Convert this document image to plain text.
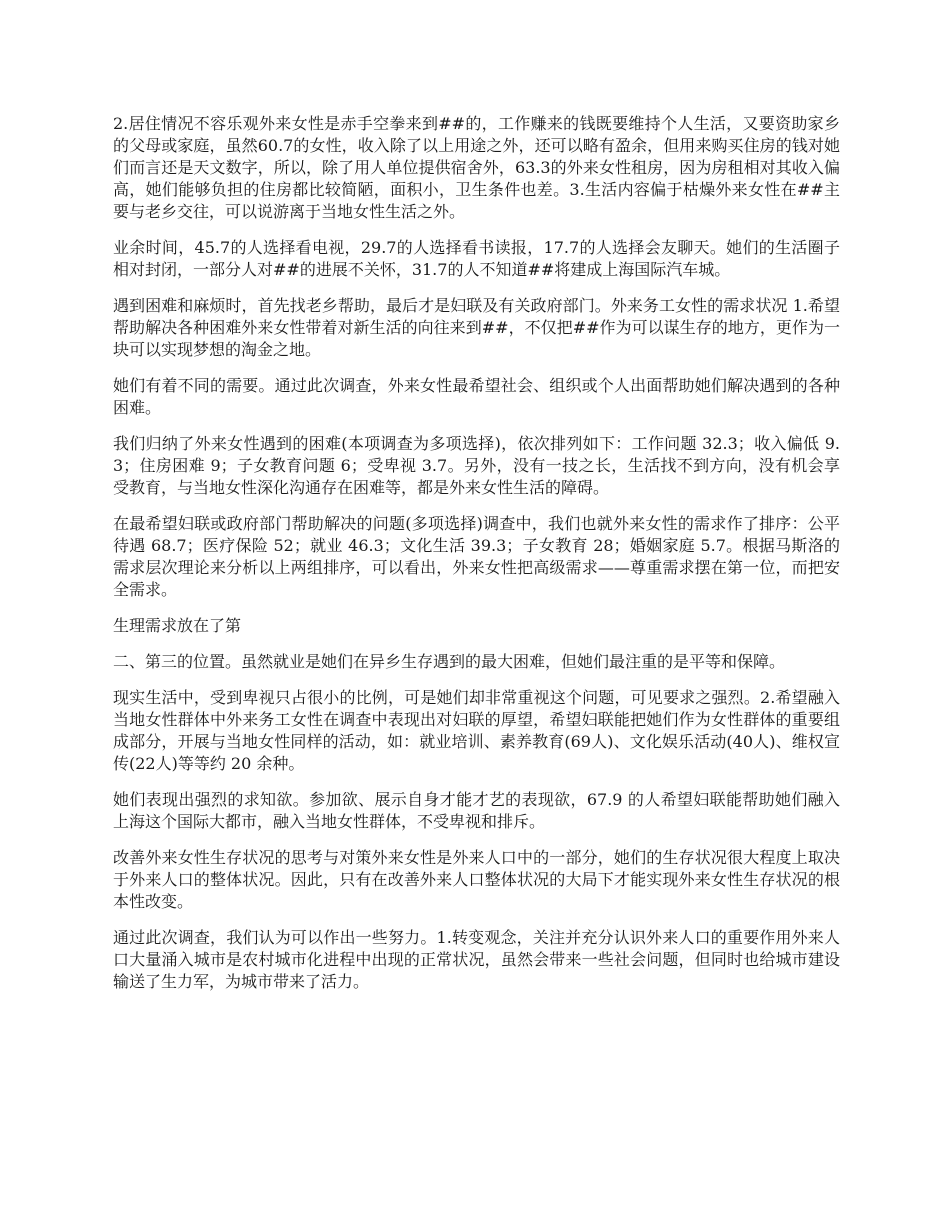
2.居住情况不容乐观外来女性是赤手空拳来到##的，工作赚来的钱既要维持个人生活，又要资助家乡的父母或家庭，虽然60.7的女性，收入除了以上用途之外，还可以略有盈余，但用来购买住房的钱对她们而言还是天文数字，所以，除了用人单位提供宿舍外，63.3的外来女性租房，因为房租相对其收入偏高，她们能够负担的住房都比较简陋，面积小，卫生条件也差。3.生活内容偏于枯燥外来女性在##主要与老乡交往，可以说游离于当地女性生活之外。

业余时间，45.7的人选择看电视，29.7的人选择看书读报，17.7的人选择会友聊天。她们的生活圈子相对封闭，一部分人对##的进展不关怀，31.7的人不知道##将建成上海国际汽车城。

遇到困难和麻烦时，首先找老乡帮助，最后才是妇联及有关政府部门。外来务工女性的需求状况 1.希望帮助解决各种困难外来女性带着对新生活的向往来到##，不仅把##作为可以谋生存的地方，更作为一块可以实现梦想的淘金之地。

她们有着不同的需要。通过此次调查，外来女性最希望社会、组织或个人出面帮助她们解决遇到的各种困难。

我们归纳了外来女性遇到的困难(本项调查为多项选择)，依次排列如下：工作问题 32.3；收入偏低 9.3；住房困难 9；子女教育问题 6；受卑视 3.7。另外，没有一技之长，生活找不到方向，没有机会享受教育，与当地女性深化沟通存在困难等，都是外来女性生活的障碍。

在最希望妇联或政府部门帮助解决的问题(多项选择)调查中，我们也就外来女性的需求作了排序：公平待遇 68.7；医疗保险 52；就业 46.3；文化生活 39.3；子女教育 28；婚姻家庭 5.7。根据马斯洛的需求层次理论来分析以上两组排序，可以看出，外来女性把高级需求——尊重需求摆在第一位，而把安全需求。

生理需求放在了第

二、第三的位置。虽然就业是她们在异乡生存遇到的最大困难，但她们最注重的是平等和保障。

现实生活中，受到卑视只占很小的比例，可是她们却非常重视这个问题，可见要求之强烈。2.希望融入当地女性群体中外来务工女性在调查中表现出对妇联的厚望，希望妇联能把她们作为女性群体的重要组成部分，开展与当地女性同样的活动，如：就业培训、素养教育(69人)、文化娱乐活动(40人)、维权宣传(22人)等等约 20 余种。

她们表现出强烈的求知欲。参加欲、展示自身才能才艺的表现欲，67.9 的人希望妇联能帮助她们融入上海这个国际大都市，融入当地女性群体，不受卑视和排斥。

改善外来女性生存状况的思考与对策外来女性是外来人口中的一部分，她们的生存状况很大程度上取决于外来人口的整体状况。因此，只有在改善外来人口整体状况的大局下才能实现外来女性生存状况的根本性改变。

通过此次调查，我们认为可以作出一些努力。1.转变观念，关注并充分认识外来人口的重要作用外来人口大量涌入城市是农村城市化进程中出现的正常状况，虽然会带来一些社会问题，但同时也给城市建设输送了生力军，为城市带来了活力。
